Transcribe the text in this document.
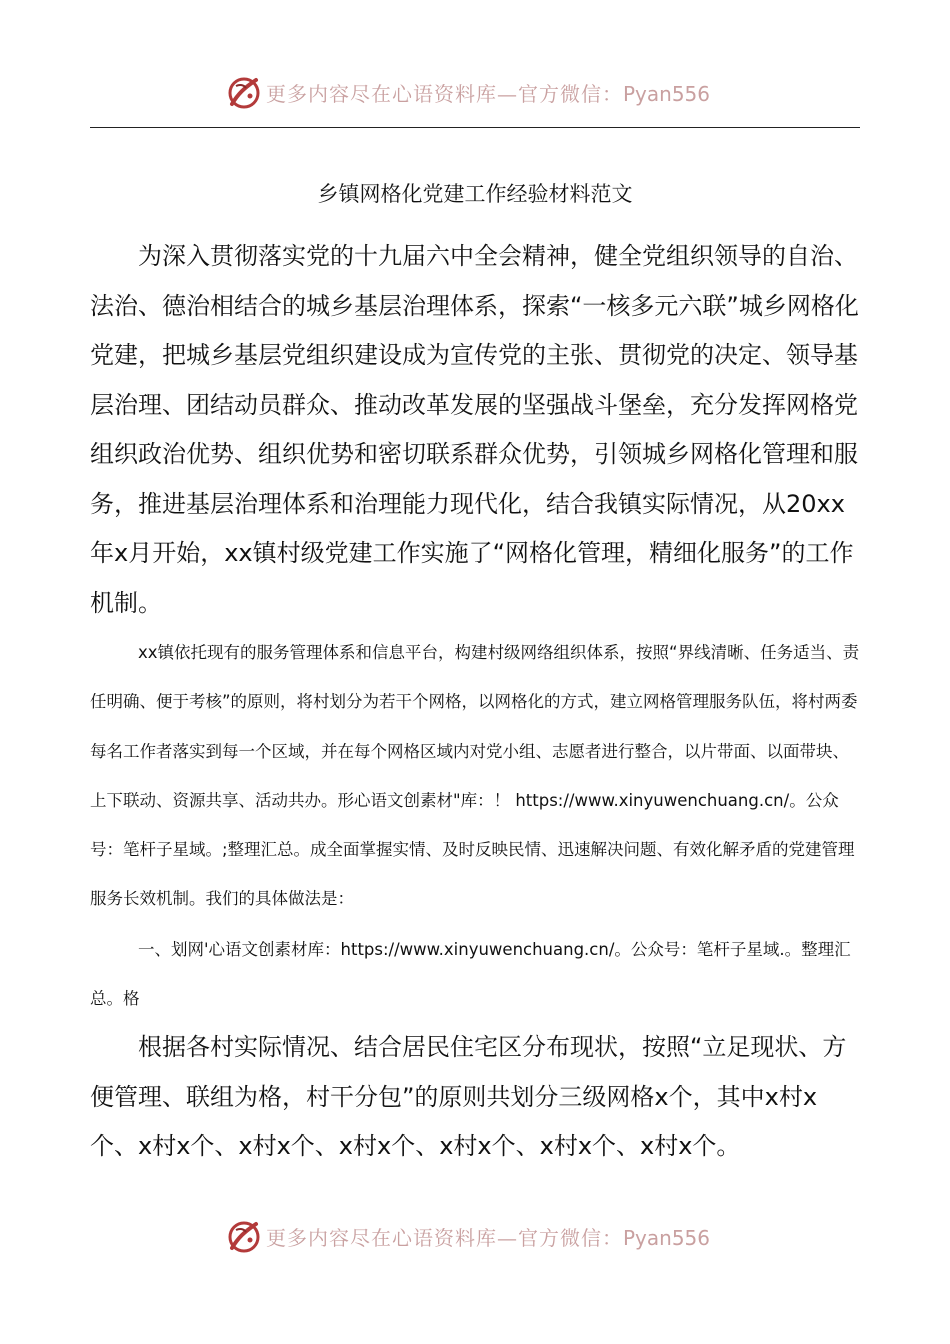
更多内容尽在心语资料库—官方微信：Pyan556
乡镇网格化党建工作经验材料范文

为深入贯彻落实党的十九届六中全会精神，健全党组织领导的自治、法治、德治相结合的城乡基层治理体系，探索“一核多元六联”城乡网格化党建，把城乡基层党组织建设成为宣传党的主张、贯彻党的决定、领导基层治理、团结动员群众、推动改革发展的坚强战斗堡垒，充分发挥网格党组织政治优势、组织优势和密切联系群众优势，引领城乡网格化管理和服务，推进基层治理体系和治理能力现代化，结合我镇实际情况，从20xx年x月开始，xx镇村级党建工作实施了“网格化管理，精细化服务”的工作机制。

xx镇依托现有的服务管理体系和信息平台，构建村级网络组织体系，按照“界线清晰、任务适当、责任明确、便于考核”的原则，将村划分为若干个网格，以网格化的方式，建立网格管理服务队伍，将村两委每名工作者落实到每一个区域，并在每个网格区域内对党小组、志愿者进行整合，以片带面、以面带块、上下联动、资源共享、活动共办。形心语文创素材"库：！ https://www.xinyuwenchuang.cn/。公众号：笔杆子星域。;整理汇总。成全面掌握实情、及时反映民情、迅速解决问题、有效化解矛盾的党建管理服务长效机制。我们的具体做法是：

一、划网'心语文创素材库：https://www.xinyuwenchuang.cn/。公众号：笔杆子星域.。整理汇总。格

根据各村实际情况、结合居民住宅区分布现状，按照“立足现状、方便管理、联组为格，村干分包”的原则共划分三级网格x个，其中x村x个、x村x个、x村x个、x村x个、x村x个、x村x个、x村x个。

更多内容尽在心语资料库—官方微信：Pyan556
